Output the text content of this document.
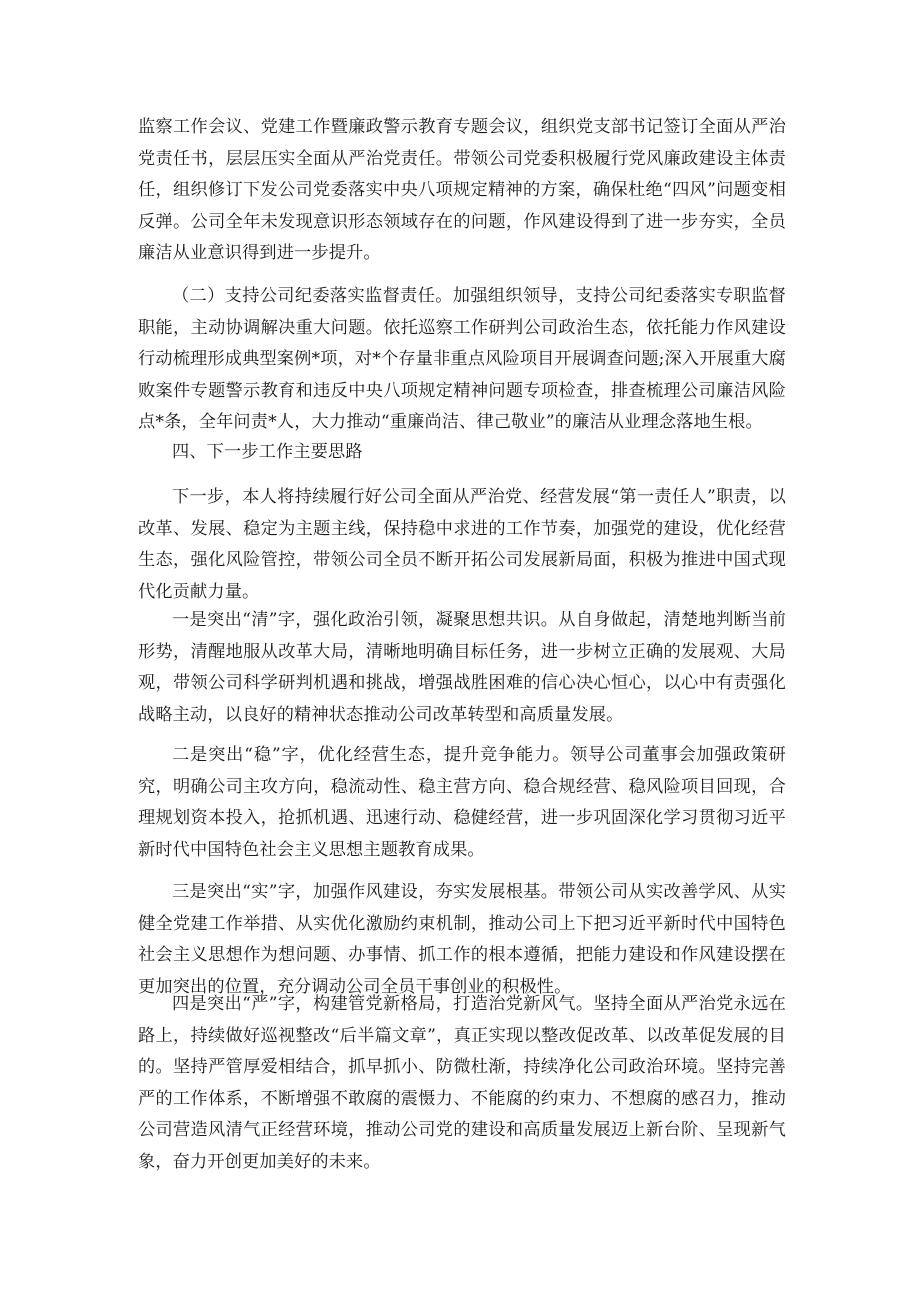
监察工作会议、党建工作暨廉政警示教育专题会议，组织党支部书记签订全面从严治党责任书，层层压实全面从严治党责任。带领公司党委积极履行党风廉政建设主体责任，组织修订下发公司党委落实中央八项规定精神的方案，确保杜绝“四风”问题变相反弹。公司全年未发现意识形态领域存在的问题，作风建设得到了进一步夯实，全员廉洁从业意识得到进一步提升。

（二）支持公司纪委落实监督责任。加强组织领导，支持公司纪委落实专职监督职能，主动协调解决重大问题。依托巡察工作研判公司政治生态，依托能力作风建设行动梳理形成典型案例*项，对*个存量非重点风险项目开展调查问题;深入开展重大腐败案件专题警示教育和违反中央八项规定精神问题专项检查，排查梳理公司廉洁风险点*条，全年问责*人，大力推动“重廉尚洁、律己敬业”的廉洁从业理念落地生根。

四、下一步工作主要思路

下一步，本人将持续履行好公司全面从严治党、经营发展“第一责任人”职责，以改革、发展、稳定为主题主线，保持稳中求进的工作节奏，加强党的建设，优化经营生态，强化风险管控，带领公司全员不断开拓公司发展新局面，积极为推进中国式现代化贡献力量。

一是突出“清”字，强化政治引领，凝聚思想共识。从自身做起，清楚地判断当前形势，清醒地服从改革大局，清晰地明确目标任务，进一步树立正确的发展观、大局观，带领公司科学研判机遇和挑战，增强战胜困难的信心决心恒心，以心中有责强化战略主动，以良好的精神状态推动公司改革转型和高质量发展。

二是突出“稳”字，优化经营生态，提升竞争能力。领导公司董事会加强政策研究，明确公司主攻方向，稳流动性、稳主营方向、稳合规经营、稳风险项目回现，合理规划资本投入，抢抓机遇、迅速行动、稳健经营，进一步巩固深化学习贯彻习近平新时代中国特色社会主义思想主题教育成果。

三是突出“实”字，加强作风建设，夯实发展根基。带领公司从实改善学风、从实健全党建工作举措、从实优化激励约束机制，推动公司上下把习近平新时代中国特色社会主义思想作为想问题、办事情、抓工作的根本遵循，把能力建设和作风建设摆在更加突出的位置，充分调动公司全员干事创业的积极性。

四是突出“严”字，构建管党新格局，打造治党新风气。坚持全面从严治党永远在路上，持续做好巡视整改“后半篇文章”，真正实现以整改促改革、以改革促发展的目的。坚持严管厚爱相结合，抓早抓小、防微杜渐，持续净化公司政治环境。坚持完善严的工作体系，不断增强不敢腐的震慑力、不能腐的约束力、不想腐的感召力，推动公司营造风清气正经营环境，推动公司党的建设和高质量发展迈上新台阶、呈现新气象，奋力开创更加美好的未来。
